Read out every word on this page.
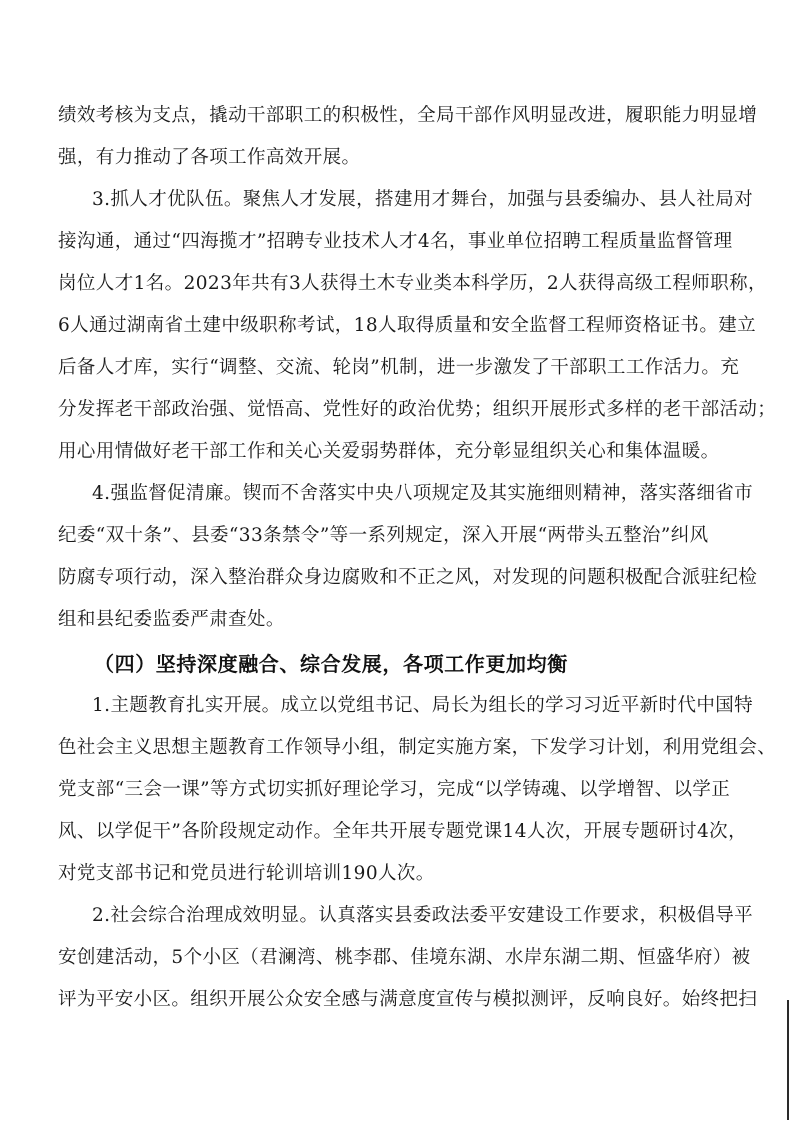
绩效考核为支点，撬动干部职工的积极性，全局干部作风明显改进，履职能力明显增
强，有力推动了各项工作高效开展。
3.抓人才优队伍。聚焦人才发展，搭建用才舞台，加强与县委编办、县人社局对
接沟通，通过“四海揽才”招聘专业技术人才4名，事业单位招聘工程质量监督管理
岗位人才1名。2023年共有3人获得土木专业类本科学历，2人获得高级工程师职称，
6人通过湖南省土建中级职称考试，18人取得质量和安全监督工程师资格证书。建立
后备人才库，实行“调整、交流、轮岗”机制，进一步激发了干部职工工作活力。充
分发挥老干部政治强、觉悟高、党性好的政治优势；组织开展形式多样的老干部活动；
用心用情做好老干部工作和关心关爱弱势群体，充分彰显组织关心和集体温暖。
4.强监督促清廉。锲而不舍落实中央八项规定及其实施细则精神，落实落细省市
纪委“双十条”、县委“33条禁令”等一系列规定，深入开展“两带头五整治”纠风
防腐专项行动，深入整治群众身边腐败和不正之风，对发现的问题积极配合派驻纪检
组和县纪委监委严肃查处。
（四）坚持深度融合、综合发展，各项工作更加均衡
1.主题教育扎实开展。成立以党组书记、局长为组长的学习习近平新时代中国特
色社会主义思想主题教育工作领导小组，制定实施方案，下发学习计划，利用党组会、
党支部“三会一课”等方式切实抓好理论学习，完成“以学铸魂、以学增智、以学正
风、以学促干”各阶段规定动作。全年共开展专题党课14人次，开展专题研讨4次，
对党支部书记和党员进行轮训培训190人次。
2.社会综合治理成效明显。认真落实县委政法委平安建设工作要求，积极倡导平
安创建活动，5个小区（君澜湾、桃李郡、佳境东湖、水岸东湖二期、恒盛华府）被
评为平安小区。组织开展公众安全感与满意度宣传与模拟测评，反响良好。始终把扫
